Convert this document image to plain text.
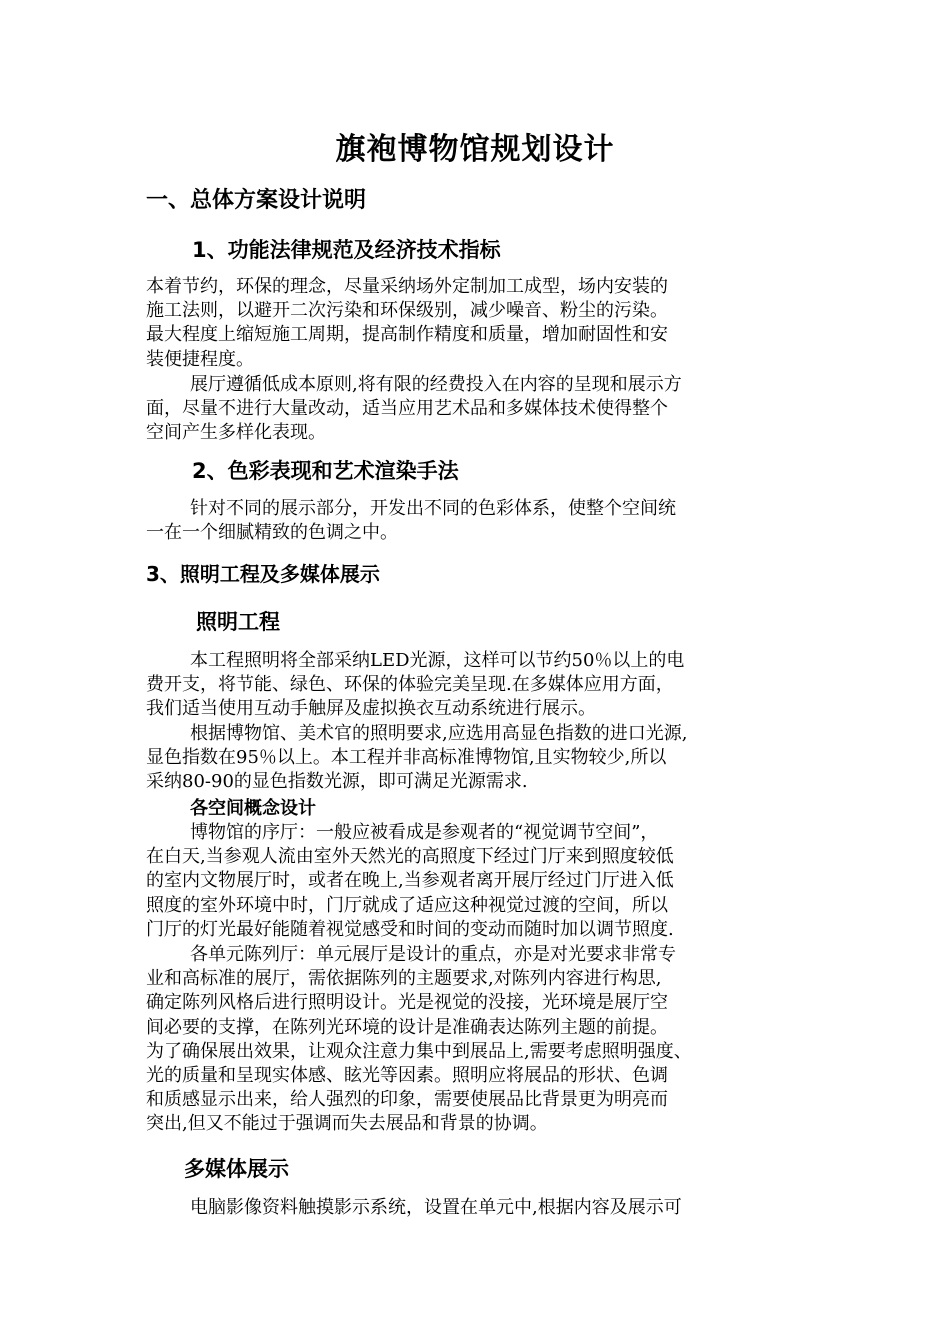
旗袍博物馆规划设计
一、总体方案设计说明
1、功能法律规范及经济技术指标
本着节约，环保的理念，尽量采纳场外定制加工成型，场内安装的
施工法则，以避开二次污染和环保级别，减少噪音、粉尘的污染。
最大程度上缩短施工周期，提高制作精度和质量，增加耐固性和安
装便捷程度。
展厅遵循低成本原则,将有限的经费投入在内容的呈现和展示方
面，尽量不进行大量改动，适当应用艺术品和多媒体技术使得整个
空间产生多样化表现。
2、色彩表现和艺术渲染手法
针对不同的展示部分，开发出不同的色彩体系，使整个空间统
一在一个细腻精致的色调之中。
3、照明工程及多媒体展示
照明工程
本工程照明将全部采纳LED光源，这样可以节约50％以上的电
费开支，将节能、绿色、环保的体验完美呈现.在多媒体应用方面，
我们适当使用互动手触屏及虚拟换衣互动系统进行展示。
根据博物馆、美术官的照明要求,应选用高显色指数的进口光源,
显色指数在95％以上。本工程并非高标准博物馆,且实物较少,所以
采纳80-90的显色指数光源，即可满足光源需求.
各空间概念设计
博物馆的序厅：一般应被看成是参观者的“视觉调节空间”，
在白天,当参观人流由室外天然光的高照度下经过门厅来到照度较低
的室内文物展厅时，或者在晚上,当参观者离开展厅经过门厅进入低
照度的室外环境中时，门厅就成了适应这种视觉过渡的空间，所以
门厅的灯光最好能随着视觉感受和时间的变动而随时加以调节照度.
各单元陈列厅：单元展厅是设计的重点，亦是对光要求非常专
业和高标准的展厅，需依据陈列的主题要求,对陈列内容进行构思,
确定陈列风格后进行照明设计。光是视觉的没接，光环境是展厅空
间必要的支撑，在陈列光环境的设计是准确表达陈列主题的前提。
为了确保展出效果，让观众注意力集中到展品上,需要考虑照明强度、
光的质量和呈现实体感、眩光等因素。照明应将展品的形状、色调
和质感显示出来，给人强烈的印象，需要使展品比背景更为明亮而
突出,但又不能过于强调而失去展品和背景的协调。
多媒体展示
电脑影像资料触摸影示系统，设置在单元中,根据内容及展示可
